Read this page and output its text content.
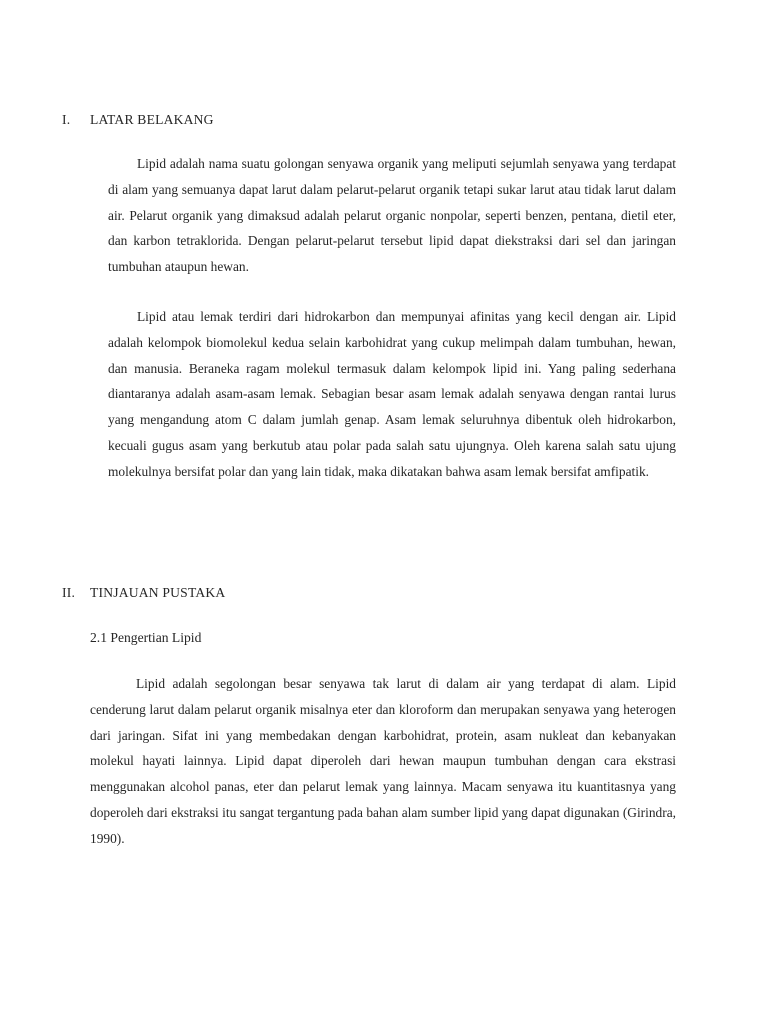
I. LATAR BELAKANG

Lipid adalah nama suatu golongan senyawa organik yang meliputi sejumlah senyawa yang terdapat di alam yang semuanya dapat larut dalam pelarut-pelarut organik tetapi sukar larut atau tidak larut dalam air. Pelarut organik yang dimaksud adalah pelarut organic nonpolar, seperti benzen, pentana, dietil eter, dan karbon tetraklorida. Dengan pelarut-pelarut tersebut lipid dapat diekstraksi dari sel dan jaringan tumbuhan ataupun hewan.

Lipid atau lemak terdiri dari hidrokarbon dan mempunyai afinitas yang kecil dengan air. Lipid adalah kelompok biomolekul kedua selain karbohidrat yang cukup melimpah dalam tumbuhan, hewan, dan manusia. Beraneka ragam molekul termasuk dalam kelompok lipid ini. Yang paling sederhana diantaranya adalah asam-asam lemak. Sebagian besar asam lemak adalah senyawa dengan rantai lurus yang mengandung atom C dalam jumlah genap. Asam lemak seluruhnya dibentuk oleh hidrokarbon, kecuali gugus asam yang berkutub atau polar pada salah satu ujungnya. Oleh karena salah satu ujung molekulnya bersifat polar dan yang lain tidak, maka dikatakan bahwa asam lemak bersifat amfipatik.

II. TINJAUAN PUSTAKA
2.1 Pengertian Lipid

Lipid adalah segolongan besar senyawa tak larut di dalam air yang terdapat di alam. Lipid cenderung larut dalam pelarut organik misalnya eter dan kloroform dan merupakan senyawa yang heterogen dari jaringan. Sifat ini yang membedakan dengan karbohidrat, protein, asam nukleat dan kebanyakan molekul hayati lainnya. Lipid dapat diperoleh dari hewan maupun tumbuhan dengan cara ekstrasi menggunakan alcohol panas, eter dan pelarut lemak yang lainnya. Macam senyawa itu kuantitasnya yang doperoleh dari ekstraksi itu sangat tergantung pada bahan alam sumber lipid yang dapat digunakan (Girindra, 1990).
